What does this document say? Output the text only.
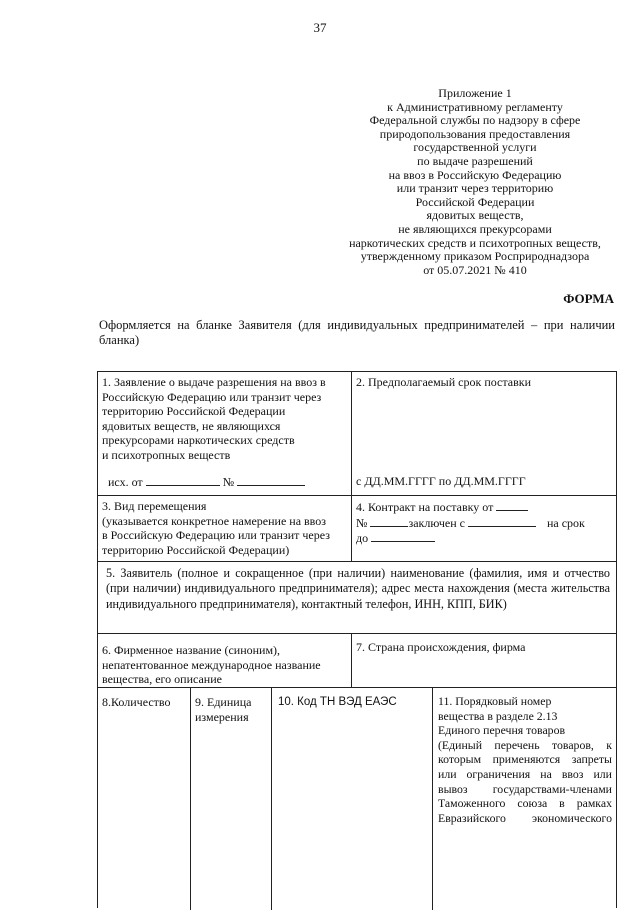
37
Приложение 1
к Административному регламенту
Федеральной службы по надзору в сфере
природопользования предоставления
государственной услуги
по выдаче разрешений
на ввоз в Российскую Федерацию
или транзит через территорию
Российской Федерации
ядовитых веществ,
не являющихся прекурсорами
наркотических средств и психотропных веществ,
утвержденному приказом Росприроднадзора
от 05.07.2021 № 410
ФОРМА
Оформляется на бланке Заявителя (для индивидуальных предпринимателей – при наличии бланка)
1. Заявление о выдаче разрешения на ввоз в
Российскую Федерацию или транзит через
территорию Российской Федерации
ядовитых веществ, не являющихся
прекурсорами наркотических средств
и психотропных веществ
исх. от	№
2. Предполагаемый срок поставки
с ДД.ММ.ГГГГ по ДД.ММ.ГГГГ
3. Вид перемещения
(указывается конкретное намерение на ввоз
в Российскую Федерацию или транзит через
территорию Российской Федерации)
4. Контракт на поставку от
№	заключен с	на срок
до
5. Заявитель (полное и сокращенное (при наличии) наименование (фамилия, имя и отчество (при наличии) индивидуального предпринимателя); адрес места нахождения (места жительства индивидуального предпринимателя), контактный телефон, ИНН, КПП, БИК)
6. Фирменное название (синоним),
непатентованное международное название
вещества, его описание
7. Страна происхождения, фирма
8.Количество	9. Единица
измерения
10. Код ТН ВЭД ЕАЭС	11. Порядковый номер
вещества в разделе 2.13
Единого перечня товаров
(Единый перечень товаров, к
которым применяются запреты
или ограничения на ввоз или
вывоз государствами-членами
Таможенного союза в рамках
Евразийского экономического
